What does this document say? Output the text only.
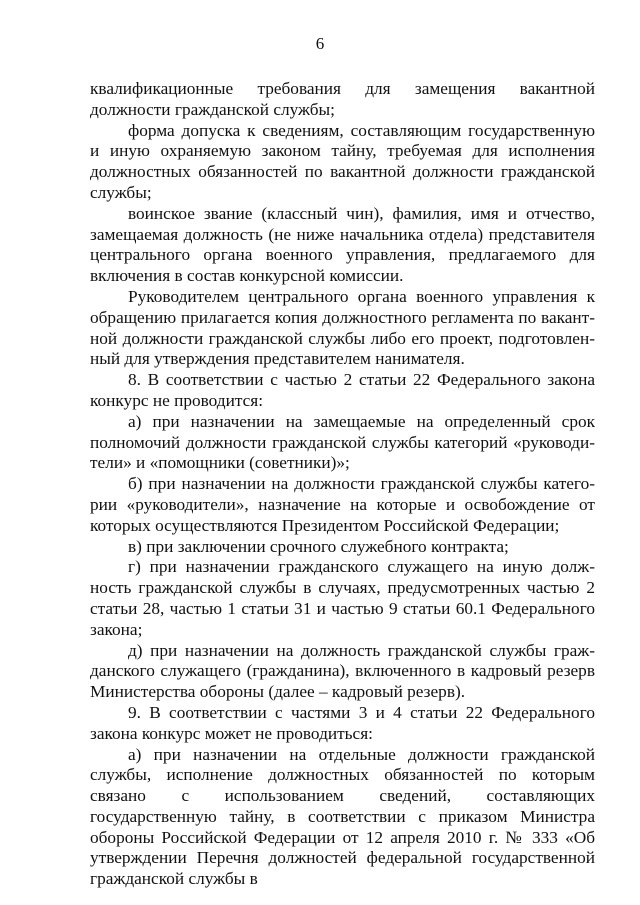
6

квалификационные требования для замещения вакантной должности гражданской службы;

форма допуска к сведениям, составляющим государственную и иную охраняемую законом тайну, требуемая для исполнения должностных обязанностей по вакантной должности гражданской службы;

воинское звание (классный чин), фамилия, имя и отчество, замещаемая должность (не ниже начальника отдела) представителя центрального органа военного управления, предлагаемого для включения в состав конкурсной комиссии.

Руководителем центрального органа военного управления к обращению прилагается копия должностного регламента по вакантной должности гражданской службы либо его проект, подготовленный для утверждения представителем нанимателя.

8. В соответствии с частью 2 статьи 22 Федерального закона конкурс не проводится:

а) при назначении на замещаемые на определенный срок полномочий должности гражданской службы категорий «руководители» и «помощники (советники)»;

б) при назначении на должности гражданской службы категории «руководители», назначение на которые и освобождение от которых осуществляются Президентом Российской Федерации;

в) при заключении срочного служебного контракта;

г) при назначении гражданского служащего на иную должность гражданской службы в случаях, предусмотренных частью 2 статьи 28, частью 1 статьи 31 и частью 9 статьи 60.1 Федерального закона;

д) при назначении на должность гражданской службы гражданского служащего (гражданина), включенного в кадровый резерв Министерства обороны (далее – кадровый резерв).

9. В соответствии с частями 3 и 4 статьи 22 Федерального закона конкурс может не проводиться:

а) при назначении на отдельные должности гражданской службы, исполнение должностных обязанностей по которым связано с использованием сведений, составляющих государственную тайну, в соответствии с приказом Министра обороны Российской Федерации от 12 апреля 2010 г. № 333 «Об утверждении Перечня должностей федеральной государственной гражданской службы в
